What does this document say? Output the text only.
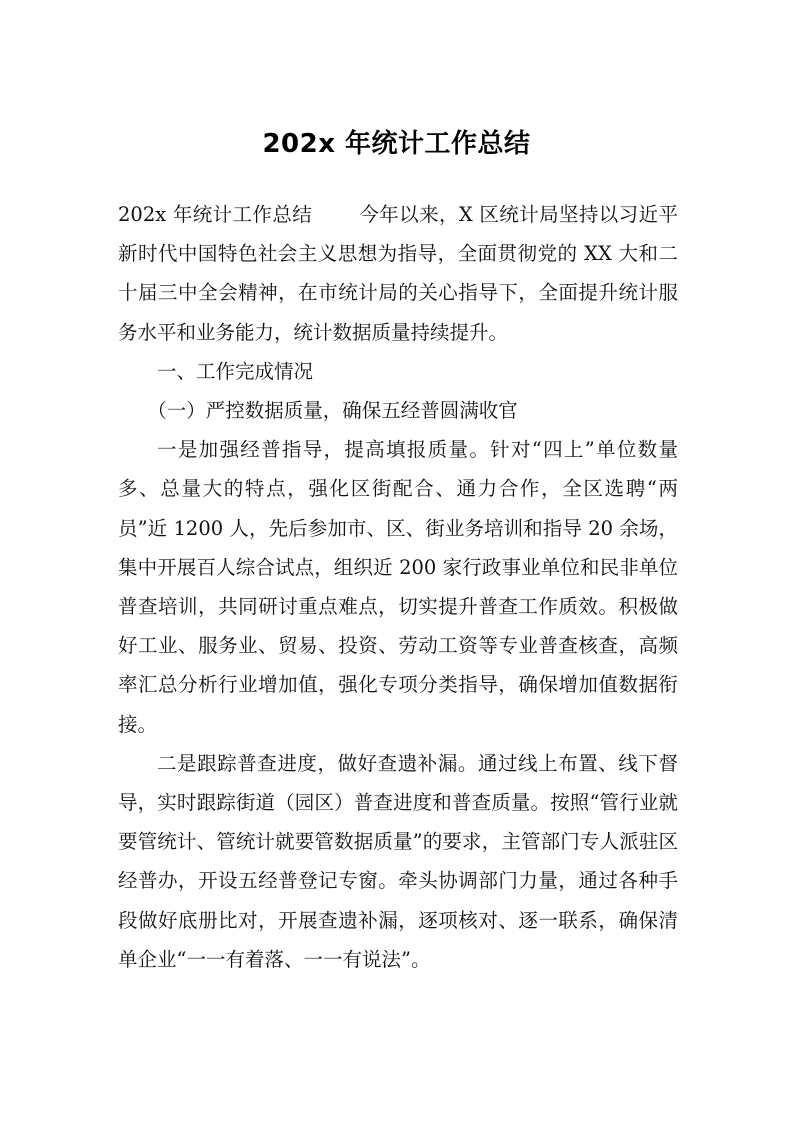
202x 年统计工作总结

202x 年统计工作总结 今年以来，X 区统计局坚持以习近平新时代中国特色社会主义思想为指导，全面贯彻党的 XX 大和二十届三中全会精神，在市统计局的关心指导下，全面提升统计服务水平和业务能力，统计数据质量持续提升。

一、工作完成情况

（一）严控数据质量，确保五经普圆满收官

一是加强经普指导，提高填报质量。针对“四上”单位数量多、总量大的特点，强化区街配合、通力合作，全区选聘“两员”近 1200 人，先后参加市、区、街业务培训和指导 20 余场，集中开展百人综合试点，组织近 200 家行政事业单位和民非单位普查培训，共同研讨重点难点，切实提升普查工作质效。积极做好工业、服务业、贸易、投资、劳动工资等专业普查核查，高频率汇总分析行业增加值，强化专项分类指导，确保增加值数据衔接。

二是跟踪普查进度，做好查遗补漏。通过线上布置、线下督导，实时跟踪街道（园区）普查进度和普查质量。按照“管行业就要管统计、管统计就要管数据质量”的要求，主管部门专人派驻区经普办，开设五经普登记专窗。牵头协调部门力量，通过各种手段做好底册比对，开展查遗补漏，逐项核对、逐一联系，确保清单企业“一一有着落、一一有说法”。
